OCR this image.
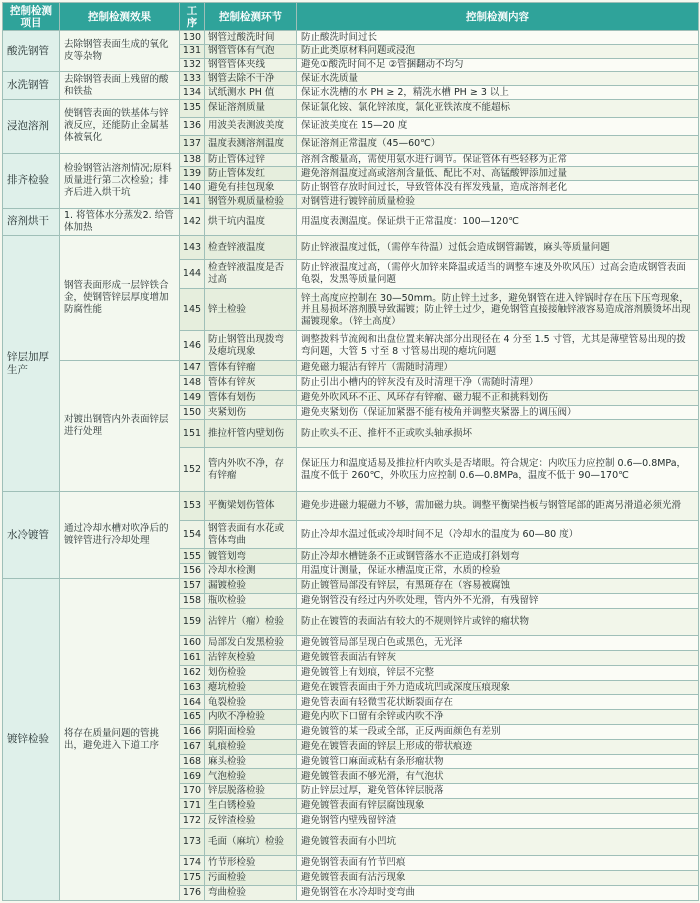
控制检测项目	控制检测效果	工序	控制检测环节	控制检测内容
酸洗钢管	去除钢管表面生成的氧化皮等杂物	130	钢管过酸洗时间	防止酸洗时间过长
		131	钢管管体有气泡	防止此类原材料问题或浸泡
		132	钢管管体夹线	避免①酸洗时间不足 ②管捆翻动不均匀
水洗钢管	去除钢管表面上残留的酸和铁盐	133	钢管去除不干净	保证水洗质量
		134	试纸测水 PH 值	保证水洗槽的水 PH ≥ 2，精洗水槽 PH ≥ 3 以上
浸泡溶剂	使钢管表面的铁基体与锌液反应，还能防止金属基体被氧化	135	保证溶剂质量	保证氯化铵、氯化锌浓度，氯化亚铁浓度不能超标
		136	用波美表测波美度	保证波美度在 15—20 度
		137	温度表测溶剂温度	保证溶剂正常温度（45—60℃）
排齐检验	检验钢管沾溶剂情况;原料质量进行第二次检验；排齐后进入烘干坑	138	防止管体过锌	溶剂含酸量高，需使用氨水进行调节。保证管体有些轻移为正常
		139	防止管体发红	避免溶剂温度过高或溶剂含量低、配比不对、高锰酸钾添加过量
		140	避免有挂包现象	防止钢管存放时间过长，导致管体没有挥发残量，造成溶剂老化
		141	钢管外观质量检验	对钢管进行镀锌前质量检验
溶剂烘干	1. 将管体水分蒸发2. 给管体加热	142	烘干坑内温度	用温度表测温度。保证烘干正常温度：100—120℃
锌层加厚生产	钢管表面形成一层锌铁合金，使钢管锌层厚度增加防腐性能	143	检查锌液温度	防止锌液温度过低，（需停车待温）过低会造成钢管漏镀，麻头等质量问题
		144	检查锌液温度是否过高	防止锌液温度过高，（需停火加锌来降温或适当的调整车速及外吹风压）过高会造成钢管表面龟裂，发黑等质量问题
		145	锌土检验	锌土高度应控制在 30—50mm。防止锌土过多，避免钢管在进入锌锅时存在压下压弯现象，并且易损坏溶剂膜导致漏镀；防止锌土过少，避免钢管直接接触锌液容易造成溶剂膜烫坏出现漏镀现象。（锌土高度）
		146	防止钢管出现拨弯及瘪坑现象	调整拨料节流阀和出盘位置来解决部分出现径在 4 分至 1.5 寸管，尤其是薄壁管易出现的拨弯问题，大管 5 寸至 8 寸管易出现的瘪坑问题
	对镀出钢管内外表面锌层进行处理	147	管体有锌瘤	避免磁力辊沾有锌片（需随时清理）
		148	管体有锌灰	防止引出小槽内的锌灰没有及时清理干净（需随时清理）
		149	管体有划伤	避免外吹风环不正、风环存有锌瘤、磁力辊不正和挑料划伤
		150	夹紧划伤	避免夹紧划伤（保证加紧器不能有棱角并调整夹紧器上的调压阀）
		151	推拉杆管内壁划伤	防止吹头不正、推杆不正或吹头轴承损坏
		152	管内外吹不净，存有锌瘤	保证压力和温度适易及推拉杆内吹头是否堵眼。符合规定：内吹压力应控制 0.6—0.8MPa，温度不低于 260℃，外吹压力应控制 0.6—0.8MPa，温度不低于 90—170℃
水冷镀管	通过冷却水槽对吹净后的镀锌管进行冷却处理	153	平衡梁划伤管体	避免步进磁力辊磁力不够，需加磁力块。调整平衡梁挡板与钢管尾部的距离另滑道必须光滑
		154	钢管表面有水花或管体弯曲	防止冷却水温过低或冷却时间不足（冷却水的温度为 60—80 度）
		155	镀管划弯	防止冷却水槽链条不正或钢管落水不正造成打斜划弯
		156	冷却水检测	用温度计测量，保证水槽温度正常，水质的检验
镀锌检验	将存在质量问题的管挑出，避免进入下道工序	157	漏镀检验	防止镀管局部没有锌层，有黑斑存在（容易被腐蚀
		158	瓶吹检验	避免钢管没有经过内外吹处理，管内外不光滑，有残留锌
		159	沾锌片（瘤）检验	防止在镀管的表面沾有较大的不规则锌片或锌的瘤状物
		160	局部发白发黑检验	避免镀管局部呈现白色或黑色，无光泽
		161	沾锌灰检验	避免镀管表面沾有锌灰
		162	划伤检验	避免镀管上有划痕，锌层不完整
		163	瘪坑检验	避免在镀管表面由于外力造成坑凹或深度压痕现象
		164	龟裂检验	避免管表面有轻微雪花状断裂面存在
		165	内吹不净检验	避免内吹下口留有余锌或内吹不净
		166	阴阳面检验	避免镀管的某一段或全部，正反两面颜色有差别
		167	轧痕检验	避免在镀管表面的锌层上形成的带状痕迹
		168	麻头检验	避免镀管口麻面或粘有条形瘤状物
		169	气泡检验	避免镀管表面不够光滑，有气泡状
		170	锌层脱落检验	防止锌层过厚，避免管体锌层脱落
		171	生白锈检验	避免镀管表面有锌层腐蚀现象
		172	反锌渣检验	避免钢管内壁残留锌渣
		173	毛面（麻坑）检验	避免镀管表面有小凹坑
		174	竹节形检验	避免钢管表面有竹节凹痕
		175	污面检验	避免镀管表面有沾污现象
		176	弯曲检验	避免钢管在水冷却时变弯曲
